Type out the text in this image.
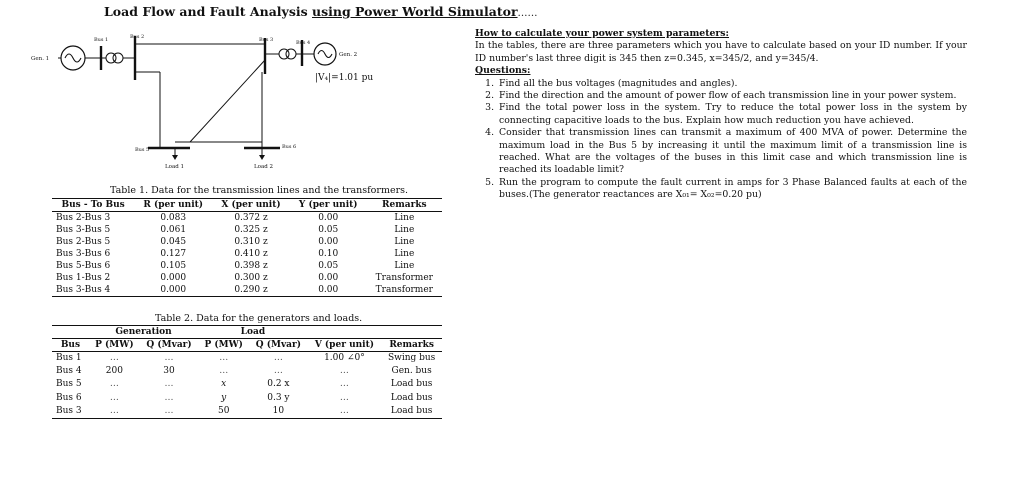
Load Flow and Fault Analysis using Power World Simulator……
Gen. 1
Bus 1	Bus 2	Bus 3	Bus 4
Gen. 2
|V₄|=1.01 pu
Bus 5	Bus 6
Load 1	Load 2
Table 1. Data for the transmission lines and the transformers.
Bus - To Bus	R (per unit)	X (per unit)	Y (per unit)	Remarks
Bus 2-Bus 3	0.083	0.372 z	0.00	Line
Bus 3-Bus 5	0.061	0.325 z	0.05	Line
Bus 2-Bus 5	0.045	0.310 z	0.00	Line
Bus 3-Bus 6	0.127	0.410 z	0.10	Line
Bus 5-Bus 6	0.105	0.398 z	0.05	Line
Bus 1-Bus 2	0.000	0.300 z	0.00	Transformer
Bus 3-Bus 4	0.000	0.290 z	0.00	Transformer
Table 2. Data for the generators and loads.
	Generation		Load			
Bus	P (MW)	Q (Mvar)	P (MW)	Q (Mvar)	V (per unit)	Remarks
Bus 1	…	…	…	…	1.00 ∠0°	Swing bus
Bus 4	200	30	…	…	…	Gen. bus
Bus 5	…	…	x	0.2 x	…	Load bus
Bus 6	…	…	y	0.3 y	…	Load bus
Bus 3	…	…	50	10	…	Load bus
How to calculate your power system parameters:

In the tables, there are three parameters which you have to calculate based on your ID number. If your ID number's last three digit is 345 then z=0.345, x=345/2, and y=345/4.

Questions:
1. Find all the bus voltages (magnitudes and angles).
2. Find the direction and the amount of power flow of each transmission line in your power system.
3. Find the total power loss in the system. Try to reduce the total power loss in the system by connecting capacitive loads to the bus. Explain how much reduction you have achieved.
4. Consider that transmission lines can transmit a maximum of 400 MVA of power. Determine the maximum load in the Bus 5 by increasing it until the maximum limit of a transmission line is reached. What are the voltages of the buses in this limit case and which transmission line is reached its loadable limit?
5. Run the program to compute the fault current in amps for 3 Phase Balanced faults at each of the buses.(The generator reactances are X₀₁= X₀₂=0.20 pu)
